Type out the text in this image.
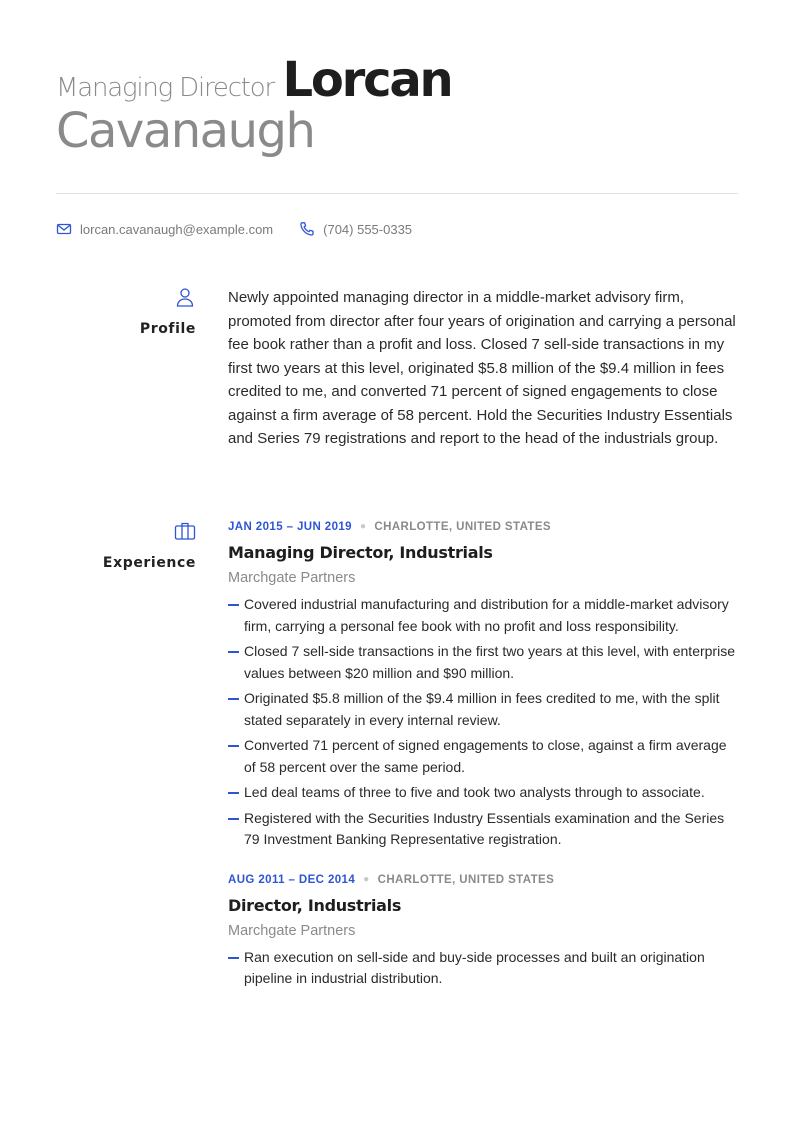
Managing Director Lorcan
Cavanaugh
lorcan.cavanaugh@example.com	(704) 555-0335
Profile

Newly appointed managing director in a middle-market advisory firm, promoted from director after four years of origination and carrying a personal fee book rather than a profit and loss. Closed 7 sell-side transactions in my first two years at this level, originated $5.8 million of the $9.4 million in fees credited to me, and converted 71 percent of signed engagements to close against a firm average of 58 percent. Hold the Securities Industry Essentials and Series 79 registrations and report to the head of the industrials group.

Experience
JAN 2015 – JUN 2019 ● CHARLOTTE, UNITED STATES
Managing Director, Industrials
Marchgate Partners
Covered industrial manufacturing and distribution for a middle-market advisory firm, carrying a personal fee book with no profit and loss responsibility.
Closed 7 sell-side transactions in the first two years at this level, with enterprise values between $20 million and $90 million.
Originated $5.8 million of the $9.4 million in fees credited to me, with the split stated separately in every internal review.
Converted 71 percent of signed engagements to close, against a firm average of 58 percent over the same period.
Led deal teams of three to five and took two analysts through to associate.
Registered with the Securities Industry Essentials examination and the Series 79 Investment Banking Representative registration.
AUG 2011 – DEC 2014 ● CHARLOTTE, UNITED STATES
Director, Industrials
Marchgate Partners
Ran execution on sell-side and buy-side processes and built an origination pipeline in industrial distribution.
